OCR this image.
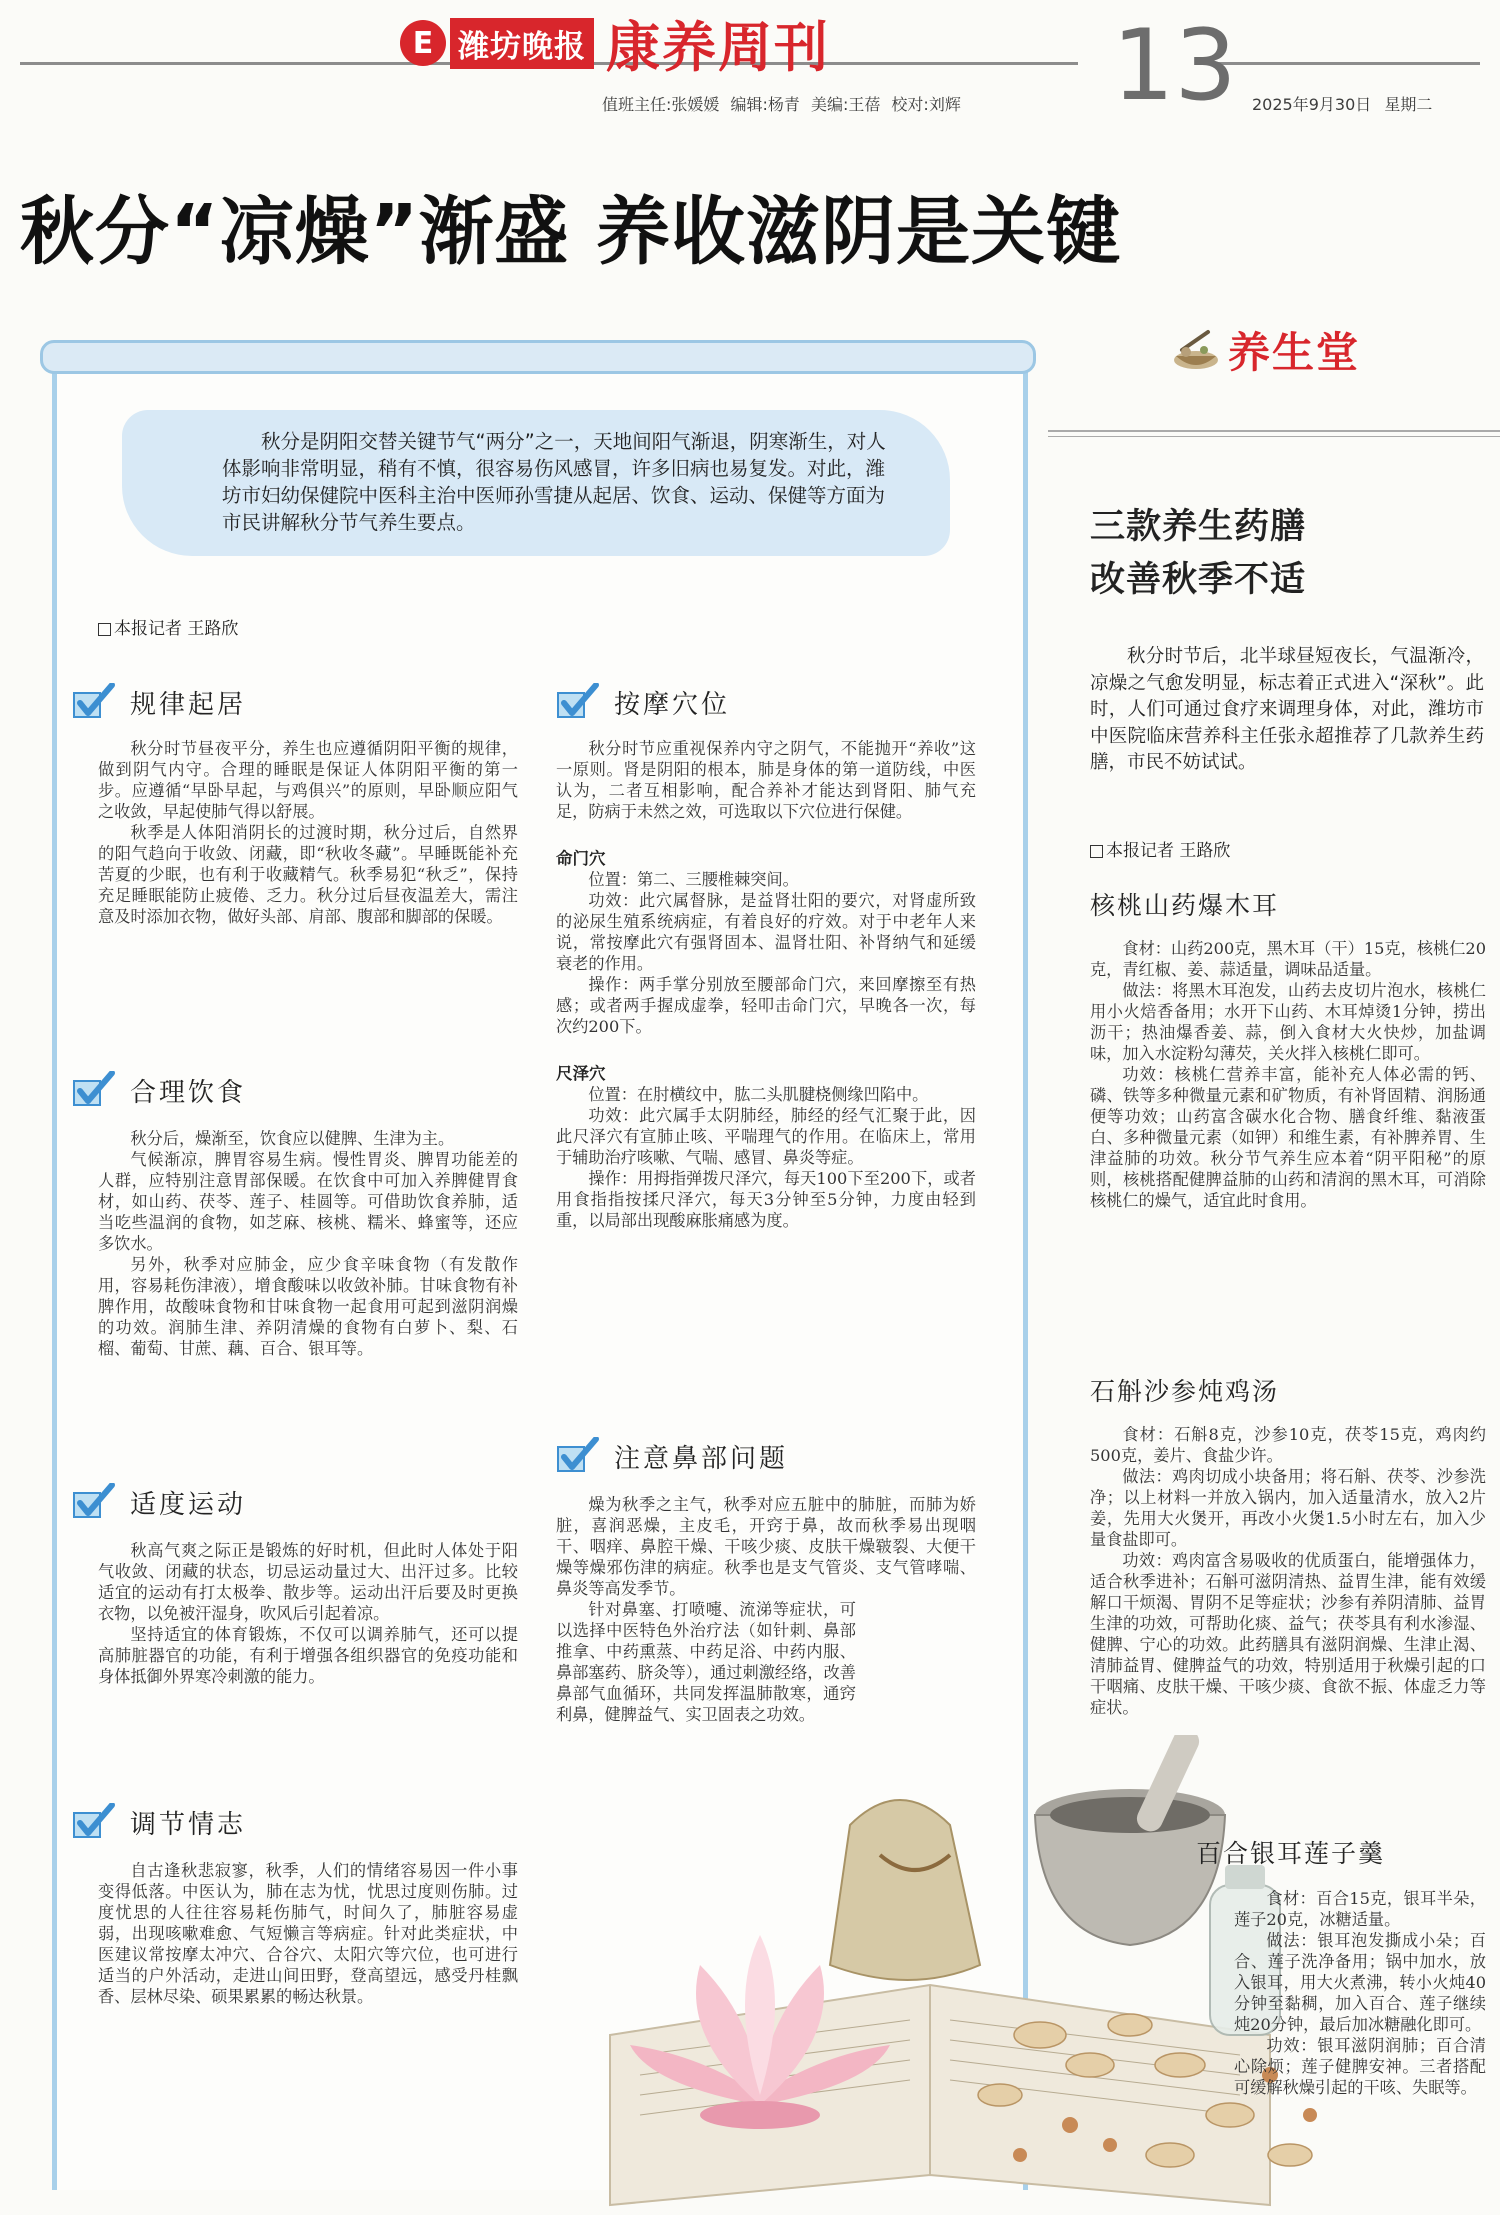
E 潍坊晚报 康养周刊	13
值班主任:张媛媛 编辑:杨青 美编:王蓓 校对:刘辉	2025年9月30日 星期二
秋分“凉燥”渐盛 养收滋阴是关键
养生堂

秋分是阴阳交替关键节气“两分”之一，天地间阳气渐退，阴寒渐生，对人体影响非常明显，稍有不慎，很容易伤风感冒，许多旧病也易复发。对此，潍坊市妇幼保健院中医科主治中医师孙雪捷从起居、饮食、运动、保健等方面为市民讲解秋分节气养生要点。

本报记者 王路欣
规律起居

秋分时节昼夜平分，养生也应遵循阴阳平衡的规律，做到阴气内守。合理的睡眠是保证人体阴阳平衡的第一步。应遵循“早卧早起，与鸡俱兴”的原则，早卧顺应阳气之收敛，早起使肺气得以舒展。

秋季是人体阳消阴长的过渡时期，秋分过后，自然界的阳气趋向于收敛、闭藏，即“秋收冬藏”。早睡既能补充苦夏的少眠，也有利于收藏精气。秋季易犯“秋乏”，保持充足睡眠能防止疲倦、乏力。秋分过后昼夜温差大，需注意及时添加衣物，做好头部、肩部、腹部和脚部的保暖。

合理饮食

秋分后，燥渐至，饮食应以健脾、生津为主。

气候渐凉，脾胃容易生病。慢性胃炎、脾胃功能差的人群，应特别注意胃部保暖。在饮食中可加入养脾健胃食材，如山药、茯苓、莲子、桂圆等。可借助饮食养肺，适当吃些温润的食物，如芝麻、核桃、糯米、蜂蜜等，还应多饮水。

另外，秋季对应肺金，应少食辛味食物（有发散作用，容易耗伤津液），增食酸味以收敛补肺。甘味食物有补脾作用，故酸味食物和甘味食物一起食用可起到滋阴润燥的功效。润肺生津、养阴清燥的食物有白萝卜、梨、石榴、葡萄、甘蔗、藕、百合、银耳等。

适度运动

秋高气爽之际正是锻炼的好时机，但此时人体处于阳气收敛、闭藏的状态，切忌运动量过大、出汗过多。比较适宜的运动有打太极拳、散步等。运动出汗后要及时更换衣物，以免被汗湿身，吹风后引起着凉。

坚持适宜的体育锻炼，不仅可以调养肺气，还可以提高肺脏器官的功能，有利于增强各组织器官的免疫功能和身体抵御外界寒冷刺激的能力。

调节情志

自古逢秋悲寂寥，秋季，人们的情绪容易因一件小事变得低落。中医认为，肺在志为忧，忧思过度则伤肺。过度忧思的人往往容易耗伤肺气，时间久了，肺脏容易虚弱，出现咳嗽难愈、气短懒言等病症。针对此类症状，中医建议常按摩太冲穴、合谷穴、太阳穴等穴位，也可进行适当的户外活动，走进山间田野，登高望远，感受丹桂飘香、层林尽染、硕果累累的畅达秋景。

按摩穴位

秋分时节应重视保养内守之阴气，不能抛开“养收”这一原则。肾是阴阳的根本，肺是身体的第一道防线，中医认为，二者互相影响，配合养补才能达到肾阳、肺气充足，防病于未然之效，可选取以下穴位进行保健。

命门穴

位置：第二、三腰椎棘突间。

功效：此穴属督脉，是益肾壮阳的要穴，对肾虚所致的泌尿生殖系统病症，有着良好的疗效。对于中老年人来说，常按摩此穴有强肾固本、温肾壮阳、补肾纳气和延缓衰老的作用。

操作：两手掌分别放至腰部命门穴，来回摩擦至有热感；或者两手握成虚拳，轻叩击命门穴，早晚各一次，每次约200下。

尺泽穴

位置：在肘横纹中，肱二头肌腱桡侧缘凹陷中。

功效：此穴属手太阴肺经，肺经的经气汇聚于此，因此尺泽穴有宣肺止咳、平喘理气的作用。在临床上，常用于辅助治疗咳嗽、气喘、感冒、鼻炎等症。

操作：用拇指弹拨尺泽穴，每天100下至200下，或者用食指指按揉尺泽穴，每天3分钟至5分钟，力度由轻到重，以局部出现酸麻胀痛感为度。

注意鼻部问题

燥为秋季之主气，秋季对应五脏中的肺脏，而肺为娇脏，喜润恶燥，主皮毛，开窍于鼻，故而秋季易出现咽干、咽痒、鼻腔干燥、干咳少痰、皮肤干燥皲裂、大便干燥等燥邪伤津的病症。秋季也是支气管炎、支气管哮喘、鼻炎等高发季节。

针对鼻塞、打喷嚏、流涕等症状，可以选择中医特色外治疗法（如针刺、鼻部推拿、中药熏蒸、中药足浴、中药内服、鼻部塞药、脐灸等），通过刺激经络，改善鼻部气血循环，共同发挥温肺散寒，通窍利鼻，健脾益气、实卫固表之功效。

三款养生药膳
改善秋季不适

秋分时节后，北半球昼短夜长，气温渐冷，凉燥之气愈发明显，标志着正式进入“深秋”。此时，人们可通过食疗来调理身体，对此，潍坊市中医院临床营养科主任张永超推荐了几款养生药膳，市民不妨试试。

本报记者 王路欣
核桃山药爆木耳

食材：山药200克，黑木耳（干）15克，核桃仁20克，青红椒、姜、蒜适量，调味品适量。

做法：将黑木耳泡发，山药去皮切片泡水，核桃仁用小火焙香备用；水开下山药、木耳焯烫1分钟，捞出沥干；热油爆香姜、蒜，倒入食材大火快炒，加盐调味，加入水淀粉勾薄芡，关火拌入核桃仁即可。

功效：核桃仁营养丰富，能补充人体必需的钙、磷、铁等多种微量元素和矿物质，有补肾固精、润肠通便等功效；山药富含碳水化合物、膳食纤维、黏液蛋白、多种微量元素（如钾）和维生素，有补脾养胃、生津益肺的功效。秋分节气养生应本着“阴平阳秘”的原则，核桃搭配健脾益肺的山药和清润的黑木耳，可消除核桃仁的燥气，适宜此时食用。

石斛沙参炖鸡汤

食材：石斛8克，沙参10克，茯苓15克，鸡肉约500克，姜片、食盐少许。

做法：鸡肉切成小块备用；将石斛、茯苓、沙参洗净；以上材料一并放入锅内，加入适量清水，放入2片姜，先用大火煲开，再改小火煲1.5小时左右，加入少量食盐即可。

功效：鸡肉富含易吸收的优质蛋白，能增强体力，适合秋季进补；石斛可滋阴清热、益胃生津，能有效缓解口干烦渴、胃阴不足等症状；沙参有养阴清肺、益胃生津的功效，可帮助化痰、益气；茯苓具有利水渗湿、健脾、宁心的功效。此药膳具有滋阴润燥、生津止渴、清肺益胃、健脾益气的功效，特别适用于秋燥引起的口干咽痛、皮肤干燥、干咳少痰、食欲不振、体虚乏力等症状。

百合银耳莲子羹

食材：百合15克，银耳半朵，莲子20克，冰糖适量。

做法：银耳泡发撕成小朵；百合、莲子洗净备用；锅中加水，放入银耳，用大火煮沸，转小火炖40分钟至黏稠，加入百合、莲子继续炖20分钟，最后加冰糖融化即可。

功效：银耳滋阴润肺；百合清心除烦；莲子健脾安神。三者搭配可缓解秋燥引起的干咳、失眠等。
